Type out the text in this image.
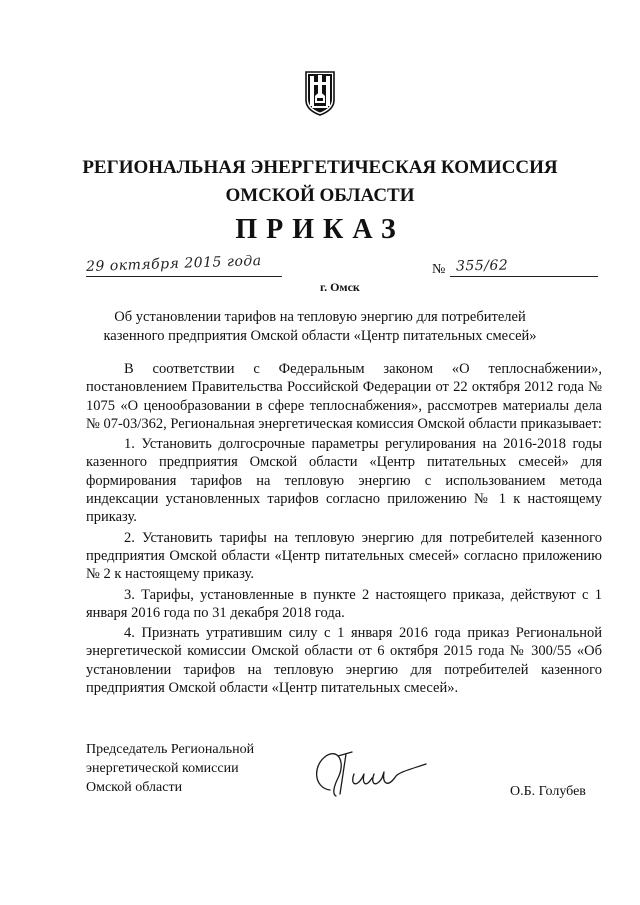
РЕГИОНАЛЬНАЯ ЭНЕРГЕТИЧЕСКАЯ КОМИССИЯ
ОМСКОЙ ОБЛАСТИ
ПРИКАЗ
29 октября 2015 года
г. Омск
№ 355/62
Об установлении тарифов на тепловую энергию для потребителей
казенного предприятия Омской области «Центр питательных смесей»

В соответствии с Федеральным законом «О теплоснабжении», постановлением Правительства Российской Федерации от 22 октября 2012 года № 1075 «О ценообразовании в сфере теплоснабжения», рассмотрев материалы дела № 07-03/362, Региональная энергетическая комиссия Омской области приказывает:

1. Установить долгосрочные параметры регулирования на 2016-2018 годы казенного предприятия Омской области «Центр питательных смесей» для формирования тарифов на тепловую энергию с использованием метода индексации установленных тарифов согласно приложению № 1 к настоящему приказу.

2. Установить тарифы на тепловую энергию для потребителей казенного предприятия Омской области «Центр питательных смесей» согласно приложению № 2 к настоящему приказу.

3. Тарифы, установленные в пункте 2 настоящего приказа, действуют с 1 января 2016 года по 31 декабря 2018 года.

4. Признать утратившим силу с 1 января 2016 года приказ Региональной энергетической комиссии Омской области от 6 октября 2015 года № 300/55 «Об установлении тарифов на тепловую энергию для потребителей казенного предприятия Омской области «Центр питательных смесей».

Председатель Региональной
энергетической комиссии
Омской области	О.Б. Голубев
